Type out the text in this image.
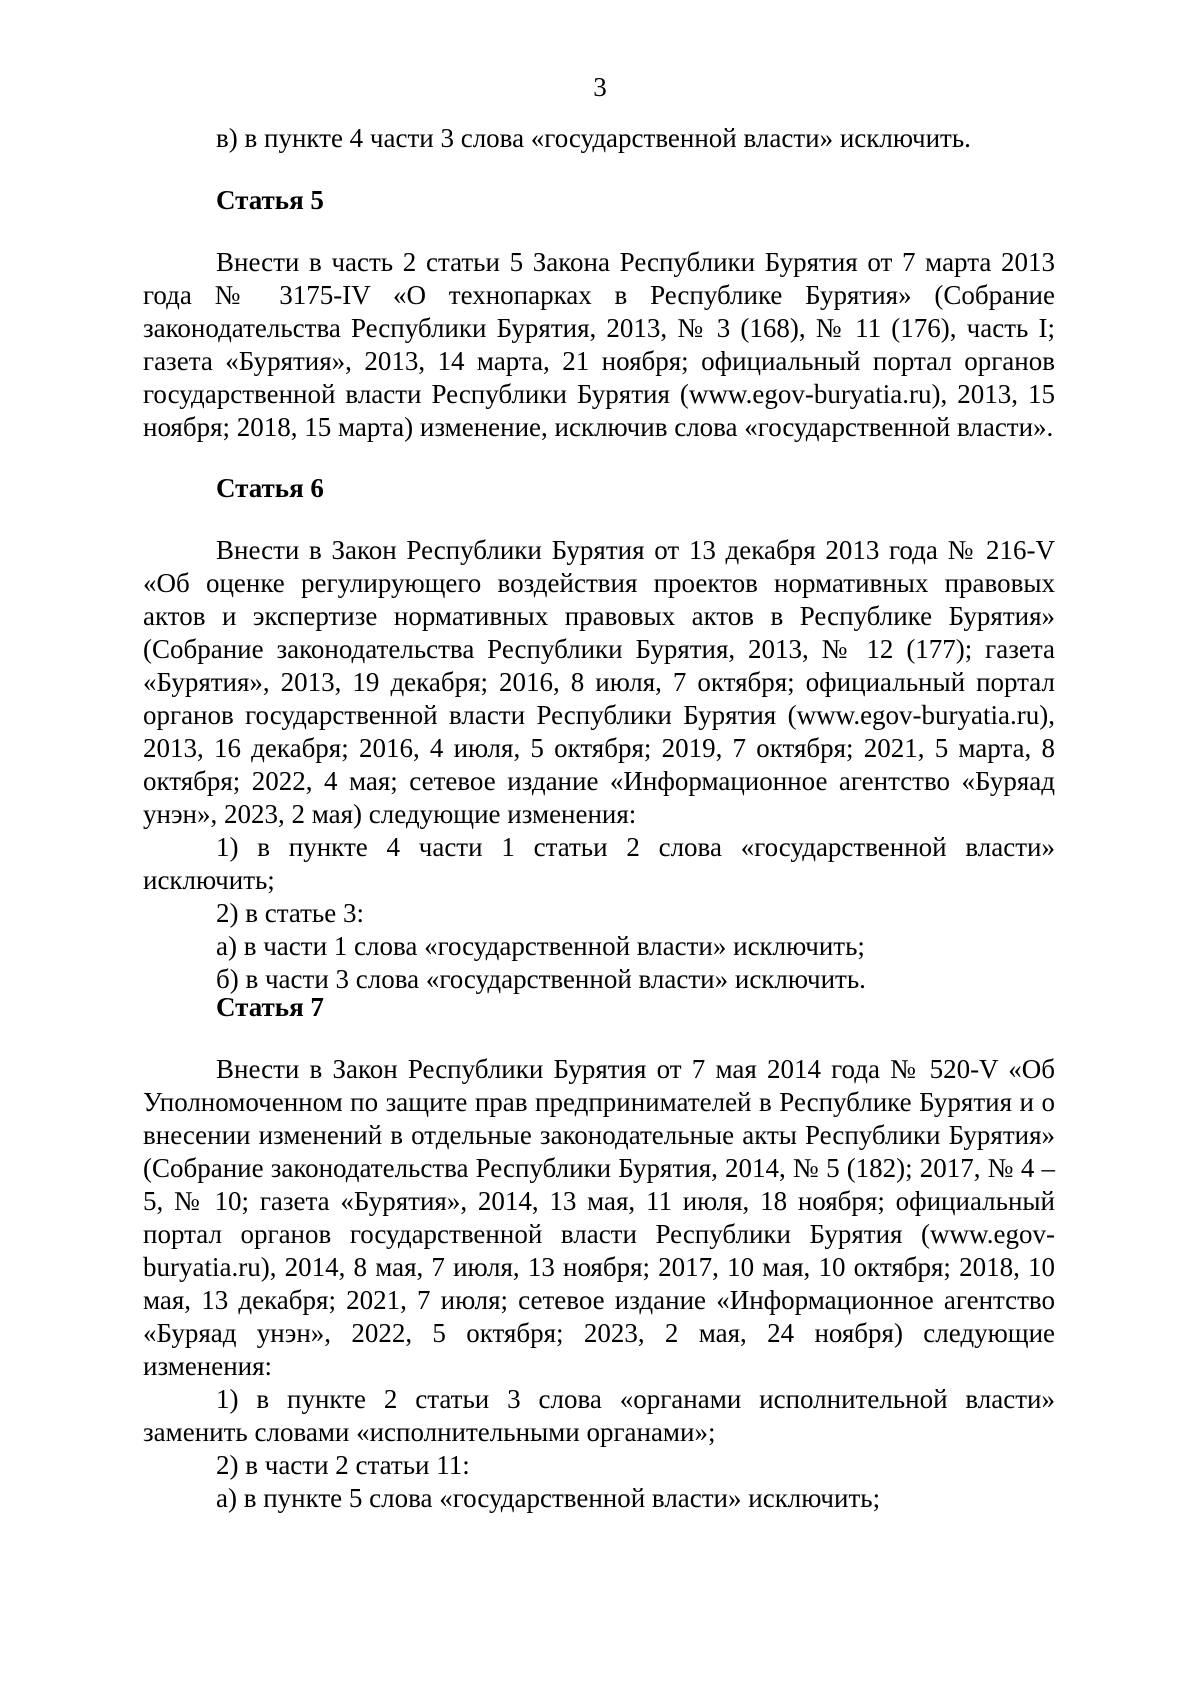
3

в) в пункте 4 части 3 слова «государственной власти» исключить.

Статья 5

Внести в часть 2 статьи 5 Закона Республики Бурятия от 7 марта 2013 года № 3175-IV «О технопарках в Республике Бурятия» (Собрание законодательства Республики Бурятия, 2013, № 3 (168), № 11 (176), часть I; газета «Бурятия», 2013, 14 марта, 21 ноября; официальный портал органов государственной власти Республики Бурятия (www.egov-buryatia.ru), 2013, 15 ноября; 2018, 15 марта) изменение, исключив слова «государственной власти».

Статья 6

Внести в Закон Республики Бурятия от 13 декабря 2013 года № 216-V «Об оценке регулирующего воздействия проектов нормативных правовых актов и экспертизе нормативных правовых актов в Республике Бурятия» (Собрание законодательства Республики Бурятия, 2013, № 12 (177); газета «Бурятия», 2013, 19 декабря; 2016, 8 июля, 7 октября; официальный портал органов государственной власти Республики Бурятия (www.egov-buryatia.ru), 2013, 16 декабря; 2016, 4 июля, 5 октября; 2019, 7 октября; 2021, 5 марта, 8 октября; 2022, 4 мая; сетевое издание «Информационное агентство «Буряад унэн», 2023, 2 мая) следующие изменения:

1) в пункте 4 части 1 статьи 2 слова «государственной власти» исключить;

2) в статье 3:

а) в части 1 слова «государственной власти» исключить;

б) в части 3 слова «государственной власти» исключить.

Статья 7

Внести в Закон Республики Бурятия от 7 мая 2014 года № 520-V «Об Уполномоченном по защите прав предпринимателей в Республике Бурятия и о внесении изменений в отдельные законодательные акты Республики Бурятия» (Собрание законодательства Республики Бурятия, 2014, № 5 (182); 2017, № 4 – 5, № 10; газета «Бурятия», 2014, 13 мая, 11 июля, 18 ноября; официальный портал органов государственной власти Республики Бурятия (www.egov-buryatia.ru), 2014, 8 мая, 7 июля, 13 ноября; 2017, 10 мая, 10 октября; 2018, 10 мая, 13 декабря; 2021, 7 июля; сетевое издание «Информационное агентство «Буряад унэн», 2022, 5 октября; 2023, 2 мая, 24 ноября) следующие изменения:

1) в пункте 2 статьи 3 слова «органами исполнительной власти» заменить словами «исполнительными органами»;

2) в части 2 статьи 11:

а) в пункте 5 слова «государственной власти» исключить;
